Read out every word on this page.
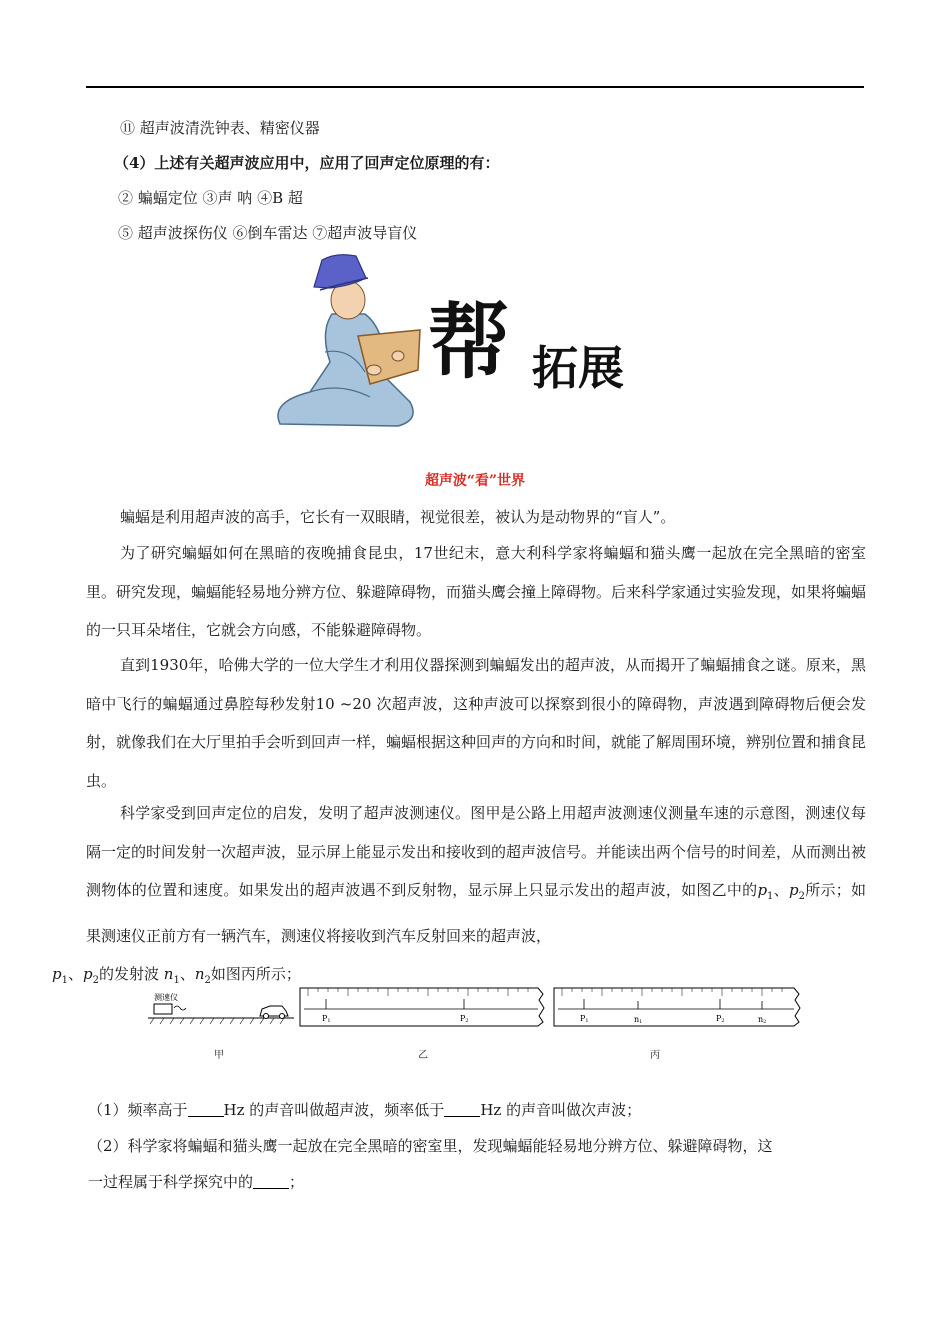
⑪ 超声波清洗钟表、精密仪器
（4）上述有关超声波应用中，应用了回声定位原理的有：
② 蝙蝠定位 ③声 呐 ④B 超
⑤ 超声波探伤仪 ⑥倒车雷达 ⑦超声波导盲仪
帮 拓展
超声波“看”世界

蝙蝠是利用超声波的高手，它长有一双眼睛，视觉很差，被认为是动物界的“盲人”。

为了研究蝙蝠如何在黑暗的夜晚捕食昆虫，17世纪末，意大利科学家将蝙蝠和猫头鹰一起放在完全黑暗的密室里。研究发现，蝙蝠能轻易地分辨方位、躲避障碍物，而猫头鹰会撞上障碍物。后来科学家通过实验发现，如果将蝙蝠的一只耳朵堵住，它就会方向感，不能躲避障碍物。

直到1930年，哈佛大学的一位大学生才利用仪器探测到蝙蝠发出的超声波，从而揭开了蝙蝠捕食之谜。原来，黑暗中飞行的蝙蝠通过鼻腔每秒发射10 ~20 次超声波，这种声波可以探察到很小的障碍物，声波遇到障碍物后便会发射，就像我们在大厅里拍手会听到回声一样，蝙蝠根据这种回声的方向和时间，就能了解周围环境，辨别位置和捕食昆虫。

科学家受到回声定位的启发，发明了超声波测速仪。图甲是公路上用超声波测速仪测量车速的示意图，测速仪每隔一定的时间发射一次超声波，显示屏上能显示发出和接收到的超声波信号。并能读出两个信号的时间差，从而测出被测物体的位置和速度。如果发出的超声波遇不到反射物，显示屏上只显示发出的超声波，如图乙中的$p_1$、$p_2$所示；如果测速仪正前方有一辆汽车，测速仪将接收到汽车反射回来的超声波，
$p_1$、$p_2$的发射波 $n_1$、$n_2$如图丙所示；

测速仪
P1	P2	P1	n1	P2	n2
甲	乙	丙
（1）频率高于 Hz 的声音叫做超声波，频率低于 Hz 的声音叫做次声波；
（2）科学家将蝙蝠和猫头鹰一起放在完全黑暗的密室里，发现蝙蝠能轻易地分辨方位、躲避障碍物，这
一过程属于科学探究中的 ；
